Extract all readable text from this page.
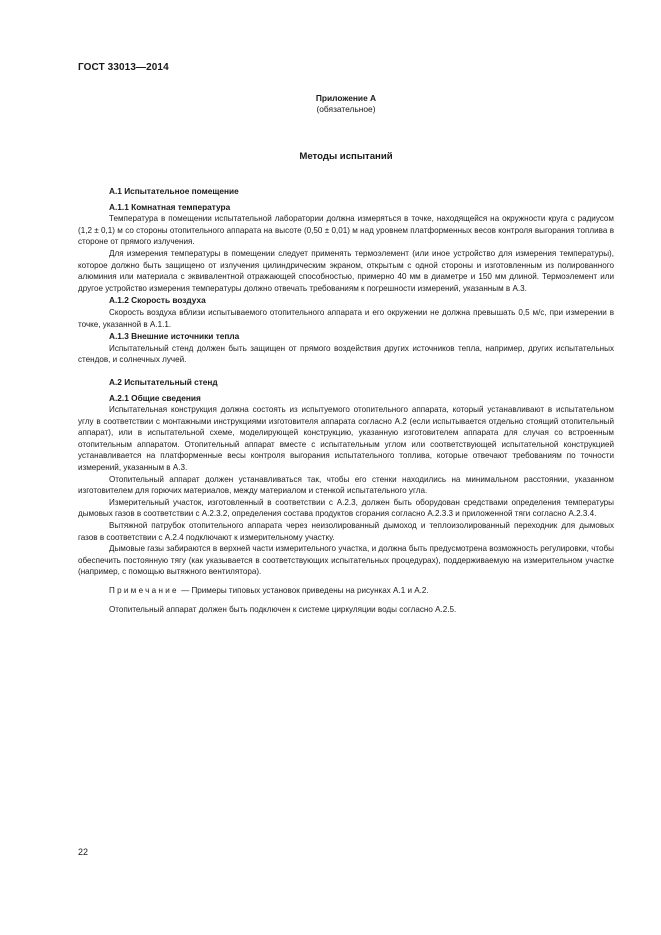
ГОСТ 33013—2014
Приложение А
(обязательное)
Методы испытаний
А.1 Испытательное помещение
А.1.1 Комнатная температура

Температура в помещении испытательной лаборатории должна измеряться в точке, находящейся на окружности круга с радиусом (1,2 ± 0,1) м со стороны отопительного аппарата на высоте (0,50 ± 0,01) м над уровнем платформенных весов контроля выгорания топлива в стороне от прямого излучения.

Для измерения температуры в помещении следует применять термоэлемент (или иное устройство для измерения температуры), которое должно быть защищено от излучения цилиндрическим экраном, открытым с одной стороны и изготовленным из полированного алюминия или материала с эквивалентной отражающей способностью, примерно 40 мм в диаметре и 150 мм длиной. Термоэлемент или другое устройство измерения температуры должно отвечать требованиям к погрешности измерений, указанным в А.3.

А.1.2 Скорость воздуха

Скорость воздуха вблизи испытываемого отопительного аппарата и его окружении не должна превышать 0,5 м/с, при измерении в точке, указанной в А.1.1.

А.1.3 Внешние источники тепла

Испытательный стенд должен быть защищен от прямого воздействия других источников тепла, например, других испытательных стендов, и солнечных лучей.

А.2 Испытательный стенд
А.2.1 Общие сведения

Испытательная конструкция должна состоять из испытуемого отопительного аппарата, который устанавливают в испытательном углу в соответствии с монтажными инструкциями изготовителя аппарата согласно А.2 (если испытывается отдельно стоящий отопительный аппарат), или в испытательной схеме, моделирующей конструкцию, указанную изготовителем аппарата для случая со встроенным отопительным аппаратом. Отопительный аппарат вместе с испытательным углом или соответствующей испытательной конструкцией устанавливается на платформенные весы контроля выгорания испытательного топлива, которые отвечают требованиям по точности измерений, указанным в А.3.

Отопительный аппарат должен устанавливаться так, чтобы его стенки находились на минимальном расстоянии, указанном изготовителем для горючих материалов, между материалом и стенкой испытательного угла.

Измерительный участок, изготовленный в соответствии с А.2.3, должен быть оборудован средствами определения температуры дымовых газов в соответствии с А.2.3.2, определения состава продуктов сгорания согласно А.2.3.3 и приложенной тяги согласно А.2.3.4.

Вытяжной патрубок отопительного аппарата через неизолированный дымоход и теплоизолированный переходник для дымовых газов в соответствии с А.2.4 подключают к измерительному участку.

Дымовые газы забираются в верхней части измерительного участка, и должна быть предусмотрена возможность регулировки, чтобы обеспечить постоянную тягу (как указывается в соответствующих испытательных процедурах), поддерживаемую на измерительном участке (например, с помощью вытяжного вентилятора).

Примечание — Примеры типовых установок приведены на рисунках А.1 и А.2.

Отопительный аппарат должен быть подключен к системе циркуляции воды согласно А.2.5.

22
